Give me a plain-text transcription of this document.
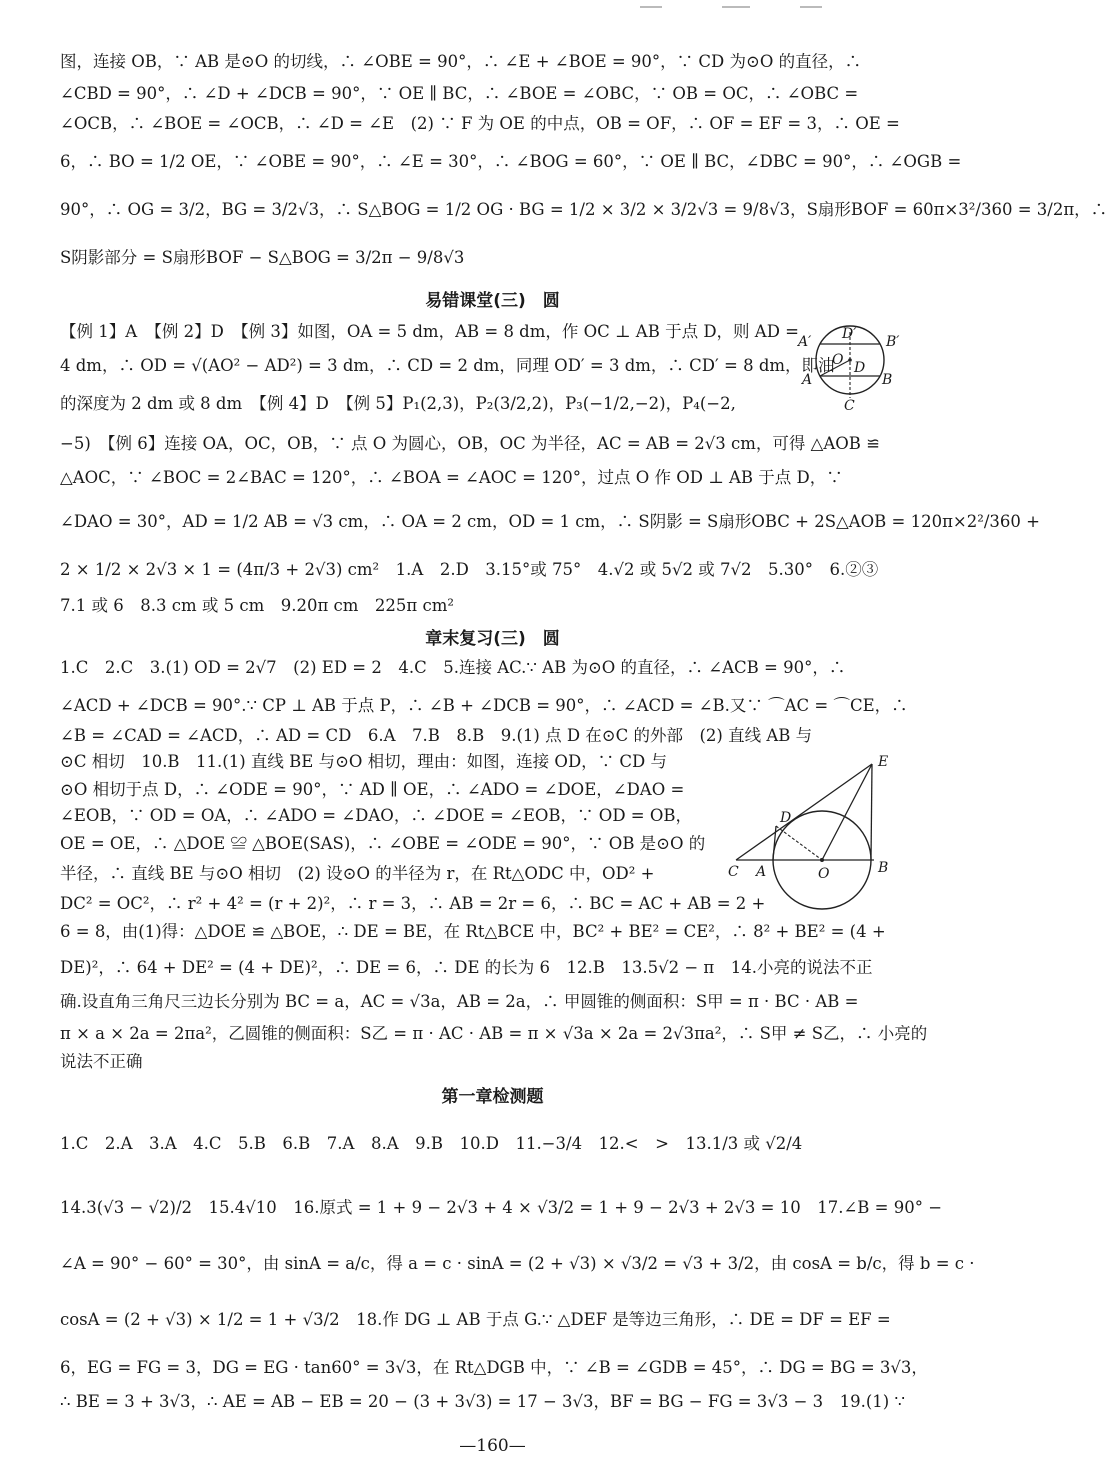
图，连接 OB，∵ AB 是⊙O 的切线，∴ ∠OBE = 90°，∴ ∠E + ∠BOE = 90°，∵ CD 为⊙O 的直径，∴
∠CBD = 90°，∴ ∠D + ∠DCB = 90°，∵ OE ∥ BC，∴ ∠BOE = ∠OBC，∵ OB = OC，∴ ∠OBC =
∠OCB，∴ ∠BOE = ∠OCB，∴ ∠D = ∠E　(2) ∵ F 为 OE 的中点，OB = OF，∴ OF = EF = 3，∴ OE =
6，∴ BO = 1/2 OE，∵ ∠OBE = 90°，∴ ∠E = 30°，∴ ∠BOG = 60°，∵ OE ∥ BC，∠DBC = 90°，∴ ∠OGB =
90°，∴ OG = 3/2，BG = 3/2√3，∴ S△BOG = 1/2 OG · BG = 1/2 × 3/2 × 3/2√3 = 9/8√3，S扇形BOF = 60π×3²/360 = 3/2π，∴
S阴影部分 = S扇形BOF − S△BOG = 3/2π − 9/8√3
易错课堂(三)　圆
【例 1】A　【例 2】D　【例 3】如图，OA = 5 dm，AB = 8 dm，作 OC ⊥ AB 于点 D，则 AD =
4 dm，∴ OD = √(AO² − AD²) = 3 dm，∴ CD = 2 dm，同理 OD′ = 3 dm，∴ CD′ = 8 dm，即油
的深度为 2 dm 或 8 dm　【例 4】D　【例 5】P₁(2,3)，P₂(3/2,2)，P₃(−1/2,−2)，P₄(−2,
−5)　【例 6】连接 OA，OC，OB，∵ 点 O 为圆心，OB，OC 为半径，AC = AB = 2√3 cm，可得 △AOB ≌
△AOC，∵ ∠BOC = 2∠BAC = 120°，∴ ∠BOA = ∠AOC = 120°，过点 O 作 OD ⊥ AB 于点 D，∵
∠DAO = 30°，AD = 1/2 AB = √3 cm，∴ OA = 2 cm，OD = 1 cm，∴ S阴影 = S扇形OBC + 2S△AOB = 120π×2²/360 +
2 × 1/2 × 2√3 × 1 = (4π/3 + 2√3) cm²　1.A　2.D　3.15°或 75°　4.√2 或 5√2 或 7√2　5.30°　6.②③
7.1 或 6　8.3 cm 或 5 cm　9.20π cm　225π cm²
A′ D′ B′
O D
A	B
C
章末复习(三)　圆
1.C　2.C　3.(1) OD = 2√7　(2) ED = 2　4.C　5.连接 AC.∵ AB 为⊙O 的直径，∴ ∠ACB = 90°，∴
∠ACD + ∠DCB = 90°.∵ CP ⊥ AB 于点 P，∴ ∠B + ∠DCB = 90°，∴ ∠ACD = ∠B.又∵ ⌒AC = ⌒CE，∴
∠B = ∠CAD = ∠ACD，∴ AD = CD　6.A　7.B　8.B　9.(1) 点 D 在⊙C 的外部　(2) 直线 AB 与
⊙C 相切　10.B　11.(1) 直线 BE 与⊙O 相切，理由：如图，连接 OD，∵ CD 与
⊙O 相切于点 D，∴ ∠ODE = 90°，∵ AD ∥ OE，∴ ∠ADO = ∠DOE，∠DAO =
∠EOB，∵ OD = OA，∴ ∠ADO = ∠DAO，∴ ∠DOE = ∠EOB，∵ OD = OB，
OE = OE，∴ △DOE ≌ △BOE(SAS)，∴ ∠OBE = ∠ODE = 90°，∵ OB 是⊙O 的
半径，∴ 直线 BE 与⊙O 相切　(2) 设⊙O 的半径为 r，在 Rt△ODC 中，OD² +
DC² = OC²，∴ r² + 4² = (r + 2)²，∴ r = 3，∴ AB = 2r = 6，∴ BC = AC + AB = 2 +
6 = 8，由(1)得：△DOE ≌ △BOE，∴ DE = BE，在 Rt△BCE 中，BC² + BE² = CE²，∴ 8² + BE² = (4 +
DE)²，∴ 64 + DE² = (4 + DE)²，∴ DE = 6，∴ DE 的长为 6　12.B　13.5√2 − π　14.小亮的说法不正
确.设直角三角尺三边长分别为 BC = a，AC = √3a，AB = 2a，∴ 甲圆锥的侧面积：S甲 = π · BC · AB =
π × a × 2a = 2πa²，乙圆锥的侧面积：S乙 = π · AC · AB = π × √3a × 2a = 2√3πa²，∴ S甲 ≠ S乙，∴ 小亮的
说法不正确
E
D
C A	O	B
第一章检测题
1.C　2.A　3.A　4.C　5.B　6.B　7.A　8.A　9.B　10.D　11.−3/4　12.<　>　13.1/3 或 √2/4
14.3(√3 − √2)/2　15.4√10　16.原式 = 1 + 9 − 2√3 + 4 × √3/2 = 1 + 9 − 2√3 + 2√3 = 10　17.∠B = 90° −
∠A = 90° − 60° = 30°，由 sinA = a/c，得 a = c · sinA = (2 + √3) × √3/2 = √3 + 3/2，由 cosA = b/c，得 b = c ·
cosA = (2 + √3) × 1/2 = 1 + √3/2　18.作 DG ⊥ AB 于点 G.∵ △DEF 是等边三角形，∴ DE = DF = EF =
6，EG = FG = 3，DG = EG · tan60° = 3√3，在 Rt△DGB 中，∵ ∠B = ∠GDB = 45°，∴ DG = BG = 3√3，
∴ BE = 3 + 3√3，∴ AE = AB − EB = 20 − (3 + 3√3) = 17 − 3√3，BF = BG − FG = 3√3 − 3　19.(1) ∵
—160—
